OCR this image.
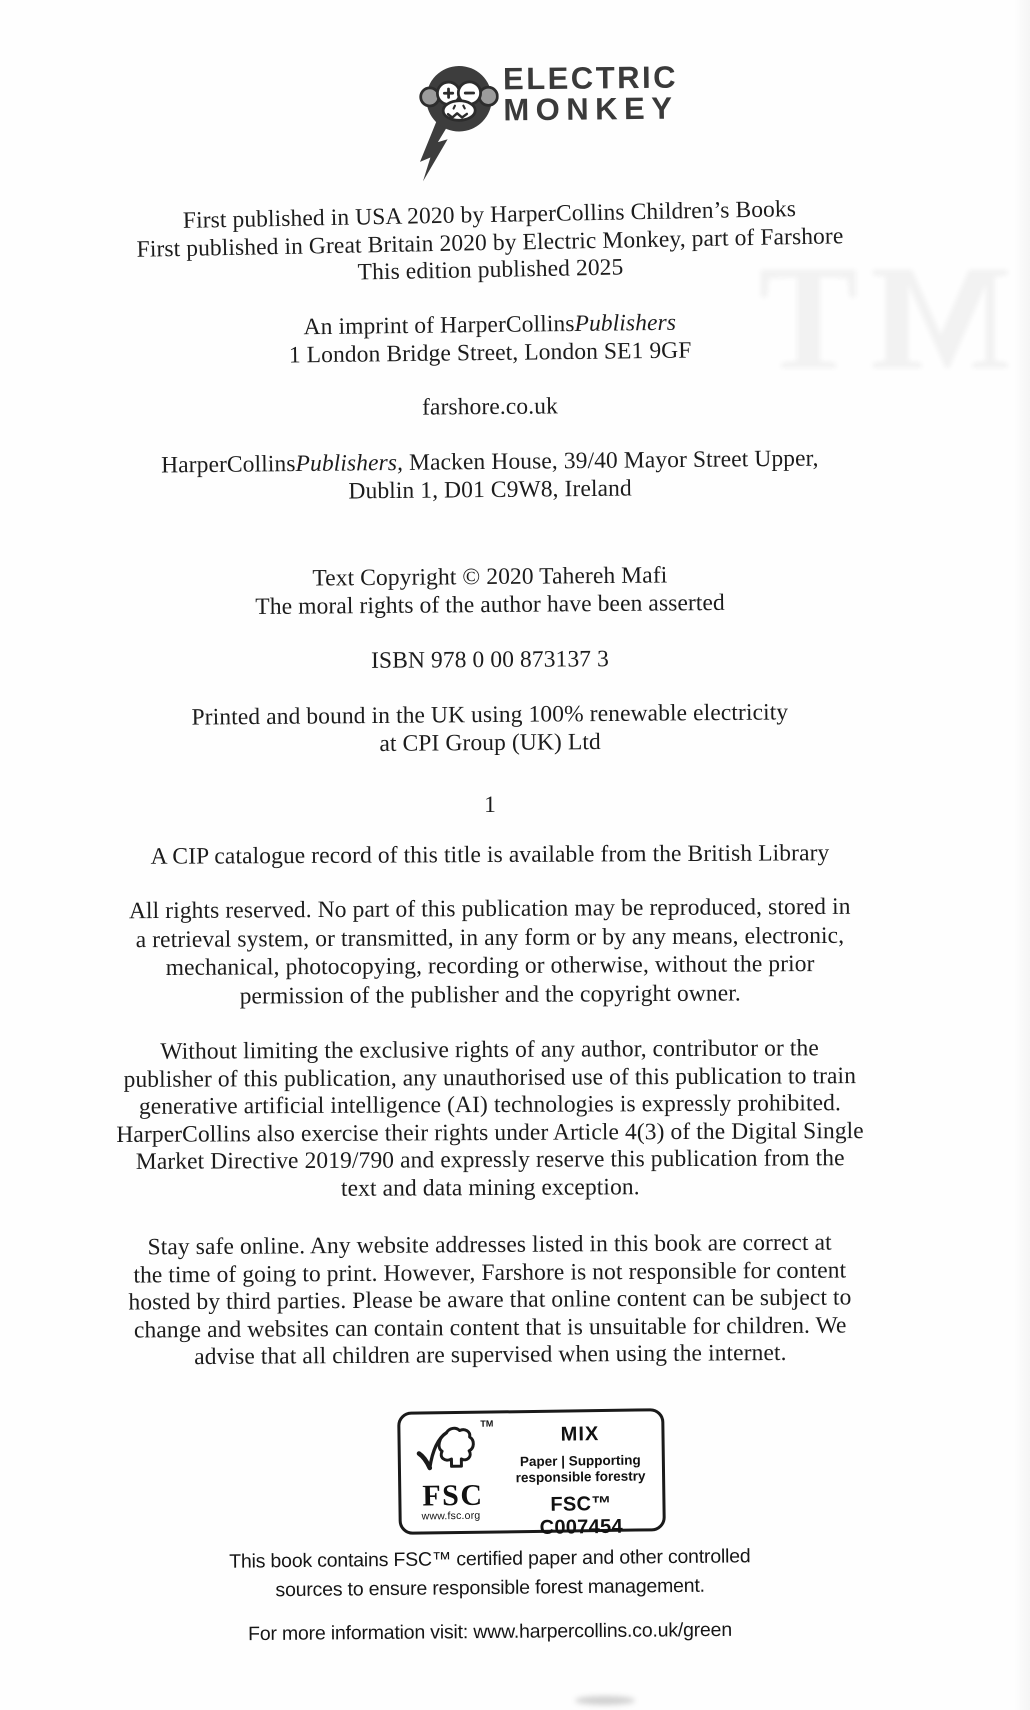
MT
ELECTRIC
MONKEY
First published in USA 2020 by HarperCollins Children’s Books
First published in Great Britain 2020 by Electric Monkey, part of Farshore
This edition published 2025
An imprint of HarperCollinsPublishers
1 London Bridge Street, London SE1 9GF
farshore.co.uk
HarperCollinsPublishers, Macken House, 39/40 Mayor Street Upper,
Dublin 1, D01 C9W8, Ireland
Text Copyright © 2020 Tahereh Mafi
The moral rights of the author have been asserted
ISBN 978 0 00 873137 3
Printed and bound in the UK using 100% renewable electricity
at CPI Group (UK) Ltd
1
A CIP catalogue record of this title is available from the British Library
All rights reserved. No part of this publication may be reproduced, stored in
a retrieval system, or transmitted, in any form or by any means, electronic,
mechanical, photocopying, recording or otherwise, without the prior
permission of the publisher and the copyright owner.
Without limiting the exclusive rights of any author, contributor or the
publisher of this publication, any unauthorised use of this publication to train
generative artificial intelligence (AI) technologies is expressly prohibited.
HarperCollins also exercise their rights under Article 4(3) of the Digital Single
Market Directive 2019/790 and expressly reserve this publication from the
text and data mining exception.
Stay safe online. Any website addresses listed in this book are correct at
the time of going to print. However, Farshore is not responsible for content
hosted by third parties. Please be aware that online content can be subject to
change and websites can contain content that is unsuitable for children. We
advise that all children are supervised when using the internet.
TM
FSC
www.fsc.org
MIX
Paper | Supporting
responsible forestry
FSC™ C007454
This book contains FSC™ certified paper and other controlled
sources to ensure responsible forest management.
For more information visit: www.harpercollins.co.uk/green
